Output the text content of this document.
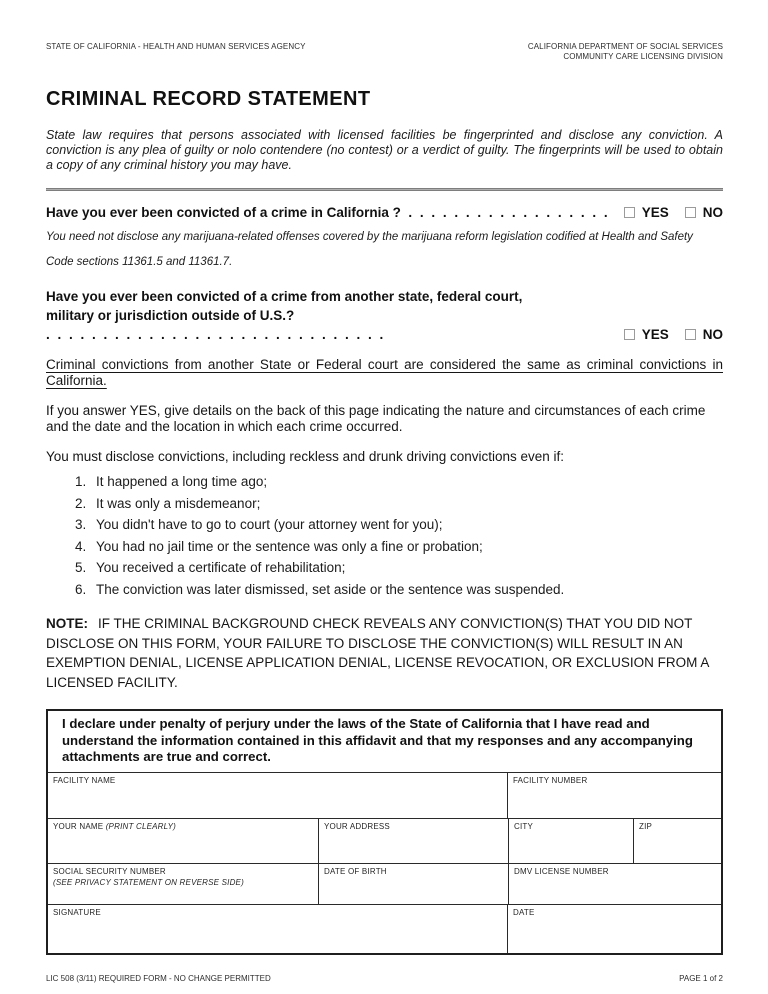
STATE OF CALIFORNIA - HEALTH AND HUMAN SERVICES AGENCY	CALIFORNIA DEPARTMENT OF SOCIAL SERVICES
COMMUNITY CARE LICENSING DIVISION
CRIMINAL RECORD STATEMENT

State law requires that persons associated with licensed facilities be fingerprinted and disclose any conviction. A conviction is any plea of guilty or nolo contendere (no contest) or a verdict of guilty. The fingerprints will be used to obtain a copy of any criminal history you may have.

Have you ever been convicted of a crime in California ? . . . . . . . . . . . . . . . . . . YES	NO

You need not disclose any marijuana-related offenses covered by the marijuana reform legislation codified at Health and Safety Code sections 11361.5 and 11361.7.

Have you ever been convicted of a crime from another state, federal court,
military or jurisdiction outside of U.S.?  . . . . . . . . . . . . . . . . . . . . . . . . . . . . . .	YES	NO

Criminal convictions from another State or Federal court are considered the same as criminal convictions in California.

If you answer YES, give details on the back of this page indicating the nature and circumstances of each crime and the date and the location in which each crime occurred.

You must disclose convictions, including reckless and drunk driving convictions even if:

1. It happened a long time ago;
2. It was only a misdemeanor;
3. You didn't have to go to court (your attorney went for you);
4. You had no jail time or the sentence was only a fine or probation;
5. You received a certificate of rehabilitation;
6. The conviction was later dismissed, set aside or the sentence was suspended.

NOTE: IF THE CRIMINAL BACKGROUND CHECK REVEALS ANY CONVICTION(S) THAT YOU DID NOT DISCLOSE ON THIS FORM, YOUR FAILURE TO DISCLOSE THE CONVICTION(S) WILL RESULT IN AN EXEMPTION DENIAL, LICENSE APPLICATION DENIAL, LICENSE REVOCATION, OR EXCLUSION FROM A LICENSED FACILITY.

I declare under penalty of perjury under the laws of the State of California that I have read and understand the information contained in this affidavit and that my responses and any accompanying attachments are true and correct.

FACILITY NAME	FACILITY NUMBER
YOUR NAME (PRINT CLEARLY)	YOUR ADDRESS	CITY	ZIP
SOCIAL SECURITY NUMBER
(SEE PRIVACY STATEMENT ON REVERSE SIDE)
DATE OF BIRTH	DMV LICENSE NUMBER
SIGNATURE	DATE
LIC 508 (3/11) REQUIRED FORM - NO CHANGE PERMITTED	PAGE 1 of 2
